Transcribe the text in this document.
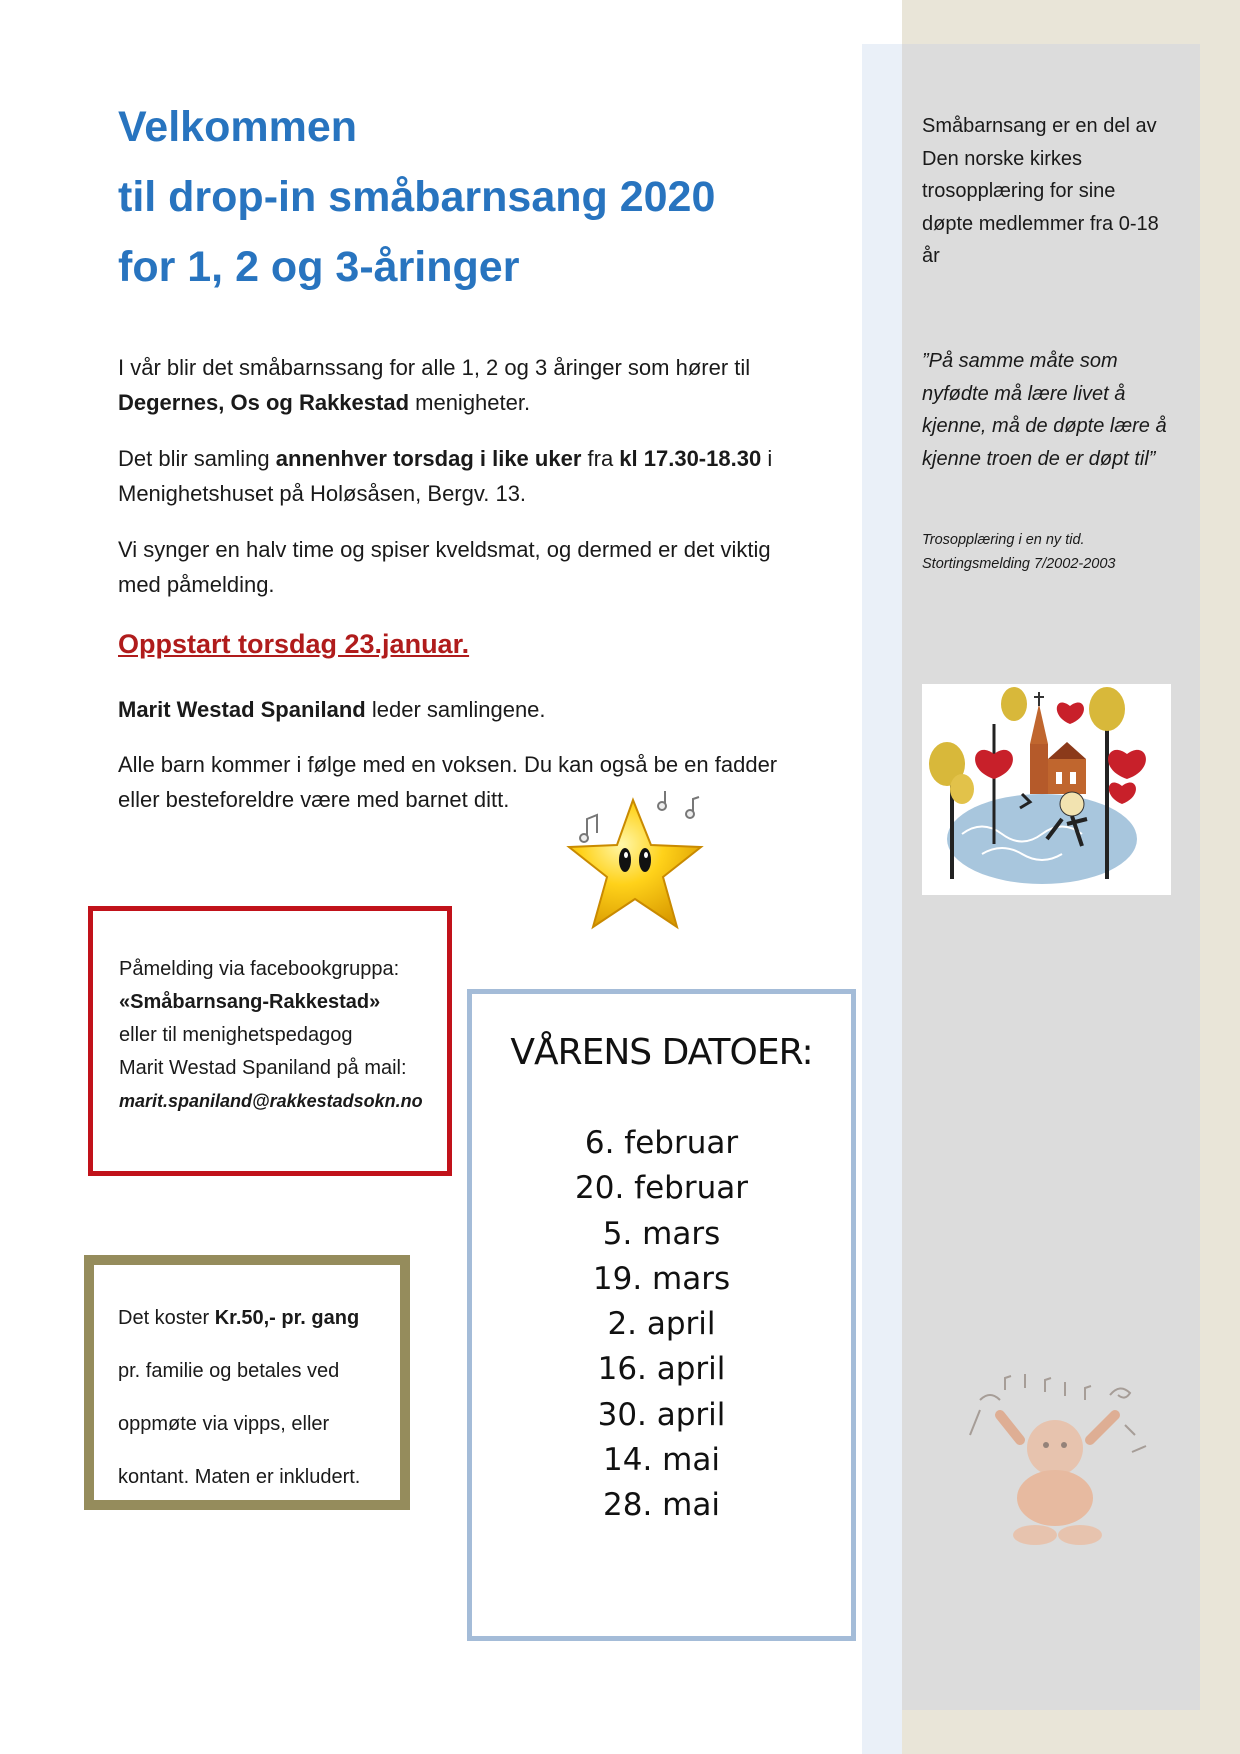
Velkommen
til drop-in småbarnsang 2020
for 1, 2 og 3-åringer

I vår blir det småbarnssang for alle 1, 2 og 3 åringer som hører til Degernes, Os og Rakkestad menigheter.

Det blir samling annenhver torsdag i like uker fra kl 17.30-18.30 i Menighetshuset på Holøsåsen, Bergv. 13.

Vi synger en halv time og spiser kveldsmat, og dermed er det viktig med påmelding.

Oppstart torsdag 23.januar.

Marit Westad Spaniland leder samlingene.

Alle barn kommer i følge med en voksen. Du kan også be en fadder eller besteforeldre være med barnet ditt.

Påmelding via facebookgruppa:
«Småbarnsang-Rakkestad»
eller til menighetspedagog
Marit Westad Spaniland på mail:
marit.spaniland@rakkestadsokn.no
Det koster Kr.50,- pr. gang
pr. familie og betales ved
oppmøte via vipps, eller
kontant. Maten er inkludert.
VÅRENS DATOER:
6. februar
20. februar
5. mars
19. mars
2. april
16. april
30. april
14. mai
28. mai

Småbarnsang er en del av Den norske kirkes trosopplæring for sine døpte medlemmer fra 0-18 år

”På samme måte som nyfødte må lære livet å kjenne, må de døpte lære å kjenne troen de er døpt til”

Trosopplæring i en ny tid.
Stortingsmelding 7/2002-2003
